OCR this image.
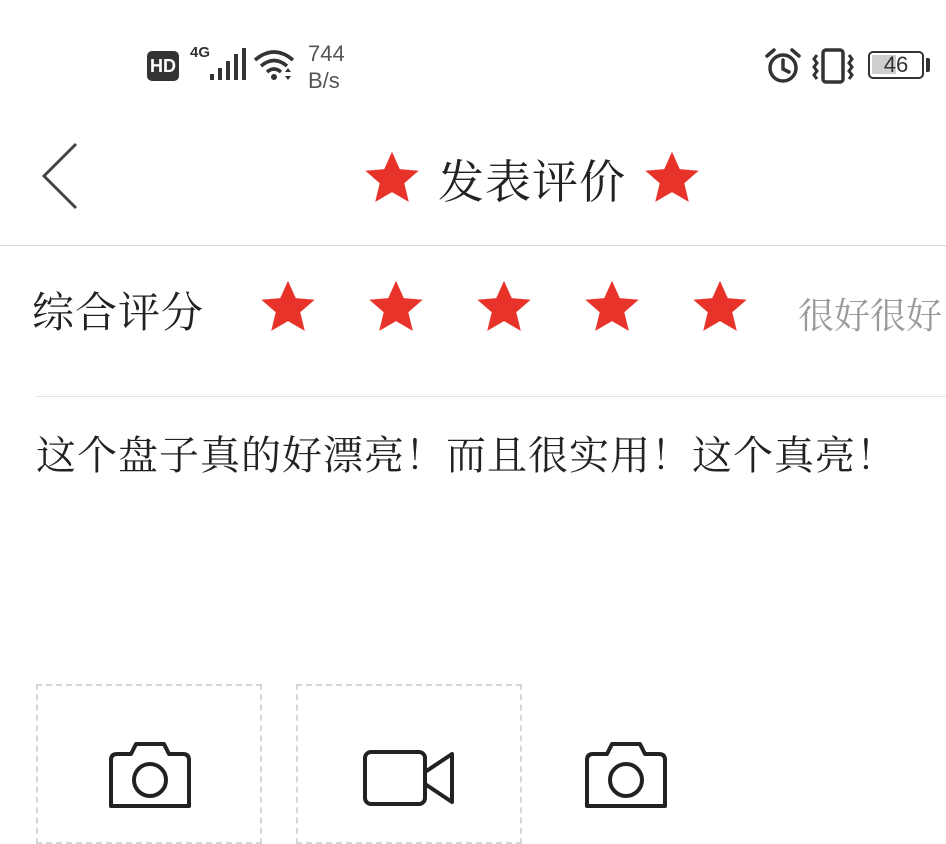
HD
4G	744
B/s
46
发表评价
综合评分	很好很好
这个盘子真的好漂亮！而且很实用！这个真亮！
